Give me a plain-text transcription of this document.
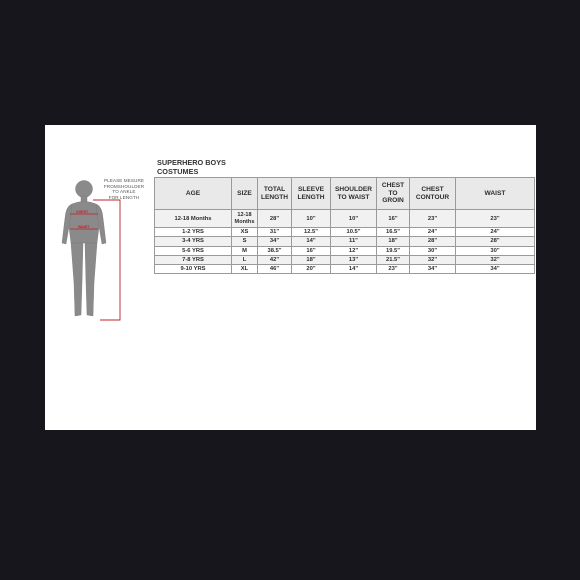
CHEST
WAIST
PLEASE MESURE
FROMSHOULDER
TO ANKLE
FOR LENGTH
SUPERHERO BOYS
COSTUMES
AGE	SIZE	TOTAL LENGTH	SLEEVE LENGTH	SHOULDER TO WAIST	CHEST TO GROIN	CHEST CONTOUR	WAIST
12-18 Months	12-18 Months	28"	10"	10"	16"	23"	23"
1-2 YRS	XS	31"	12.5"	10.5"	16.5"	24"	24"
3-4 YRS	S	34"	14"	11"	18"	28"	28"
5-6 YRS	M	38.5"	16"	12"	19.5"	30"	30"
7-8 YRS	L	42"	18"	13"	21.5"	32"	32"
9-10 YRS	XL	46"	20"	14"	23"	34"	34"
